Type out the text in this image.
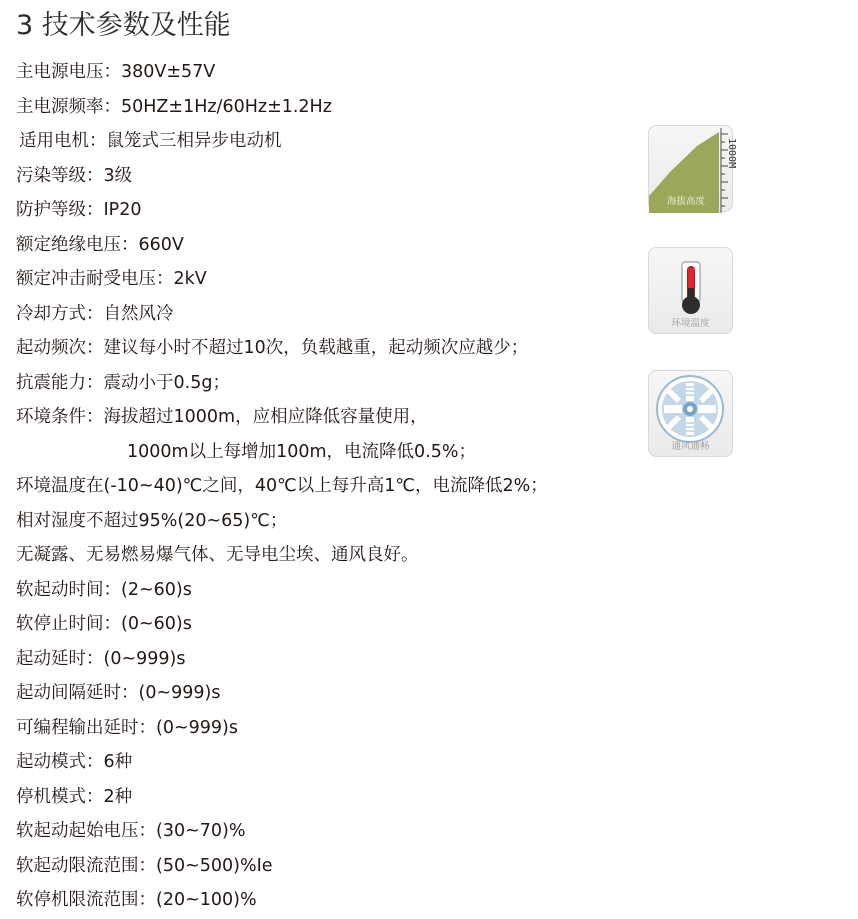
3 技术参数及性能
主电源电压：380V±57V
主电源频率：50HZ±1Hz/60Hz±1.2Hz
适用电机：鼠笼式三相异步电动机
污染等级：3级
防护等级：IP20
额定绝缘电压：660V
额定冲击耐受电压：2kV
冷却方式：自然风冷
起动频次：建议每小时不超过10次，负载越重，起动频次应越少；
抗震能力：震动小于0.5g；
环境条件：海拔超过1000m，应相应降低容量使用，
1000m以上每增加100m，电流降低0.5%；
环境温度在(-10~40)℃之间，40℃以上每升高1℃，电流降低2%；
相对湿度不超过95%(20~65)℃；
无凝露、无易燃易爆气体、无导电尘埃、通风良好。
软起动时间：(2~60)s
软停止时间：(0~60)s
起动延时：(0~999)s
起动间隔延时：(0~999)s
可编程输出延时：(0~999)s
起动模式：6种
停机模式：2种
软起动起始电压：(30~70)%
软起动限流范围：(50~500)%Ie
软停机限流范围：(20~100)%
1000M
海拔高度
环境温度
通风通畅
